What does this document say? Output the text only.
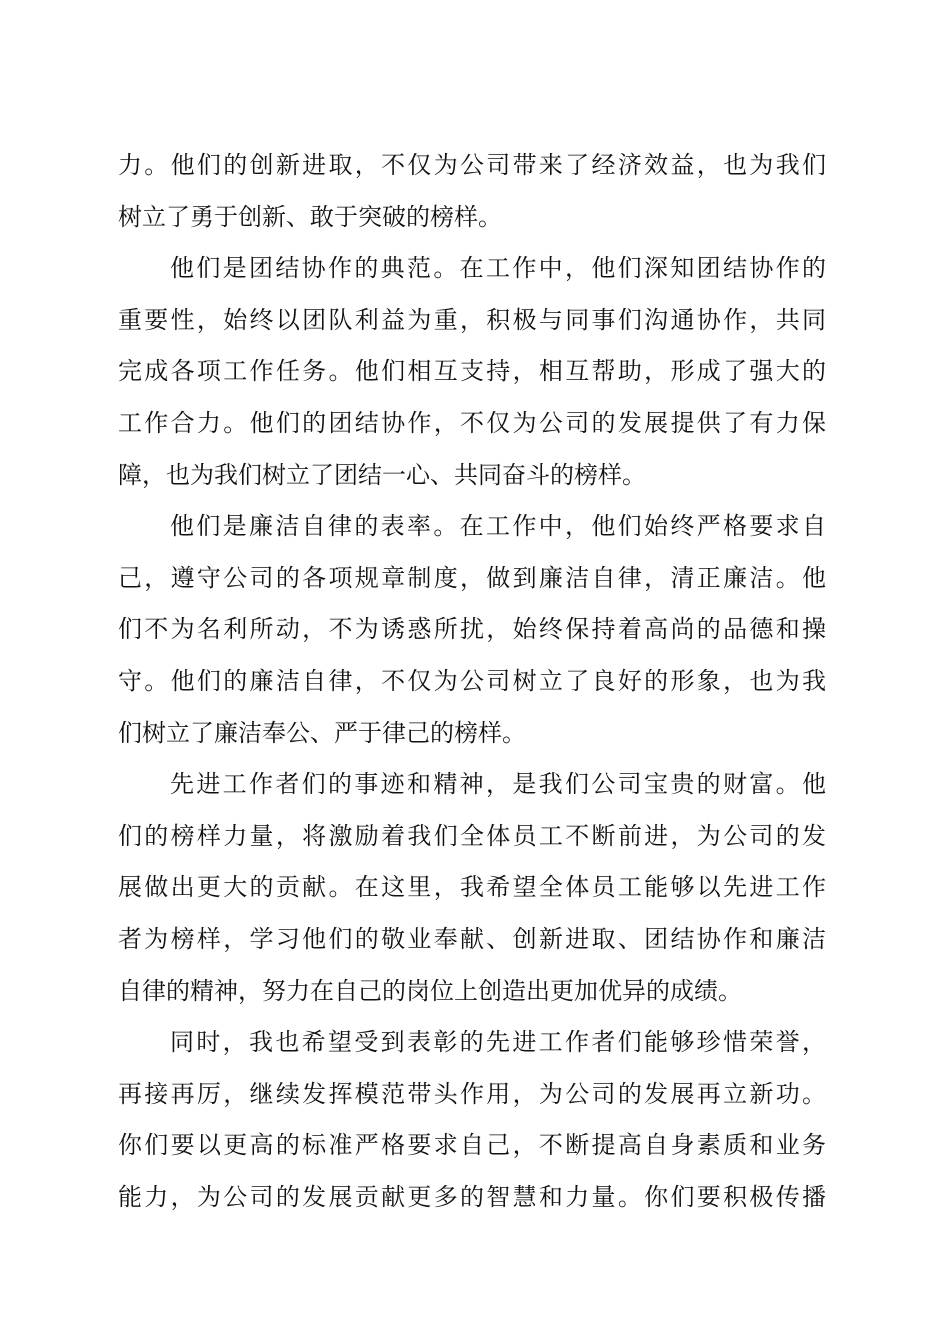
力。他们的创新进取，不仅为公司带来了经济效益，也为我们
树立了勇于创新、敢于突破的榜样。
他们是团结协作的典范。在工作中，他们深知团结协作的
重要性，始终以团队利益为重，积极与同事们沟通协作，共同
完成各项工作任务。他们相互支持，相互帮助，形成了强大的
工作合力。他们的团结协作，不仅为公司的发展提供了有力保
障，也为我们树立了团结一心、共同奋斗的榜样。
他们是廉洁自律的表率。在工作中，他们始终严格要求自
己，遵守公司的各项规章制度，做到廉洁自律，清正廉洁。他
们不为名利所动，不为诱惑所扰，始终保持着高尚的品德和操
守。他们的廉洁自律，不仅为公司树立了良好的形象，也为我
们树立了廉洁奉公、严于律己的榜样。
先进工作者们的事迹和精神，是我们公司宝贵的财富。他
们的榜样力量，将激励着我们全体员工不断前进，为公司的发
展做出更大的贡献。在这里，我希望全体员工能够以先进工作
者为榜样，学习他们的敬业奉献、创新进取、团结协作和廉洁
自律的精神，努力在自己的岗位上创造出更加优异的成绩。
同时，我也希望受到表彰的先进工作者们能够珍惜荣誉，
再接再厉，继续发挥模范带头作用，为公司的发展再立新功。
你们要以更高的标准严格要求自己，不断提高自身素质和业务
能力，为公司的发展贡献更多的智慧和力量。你们要积极传播
